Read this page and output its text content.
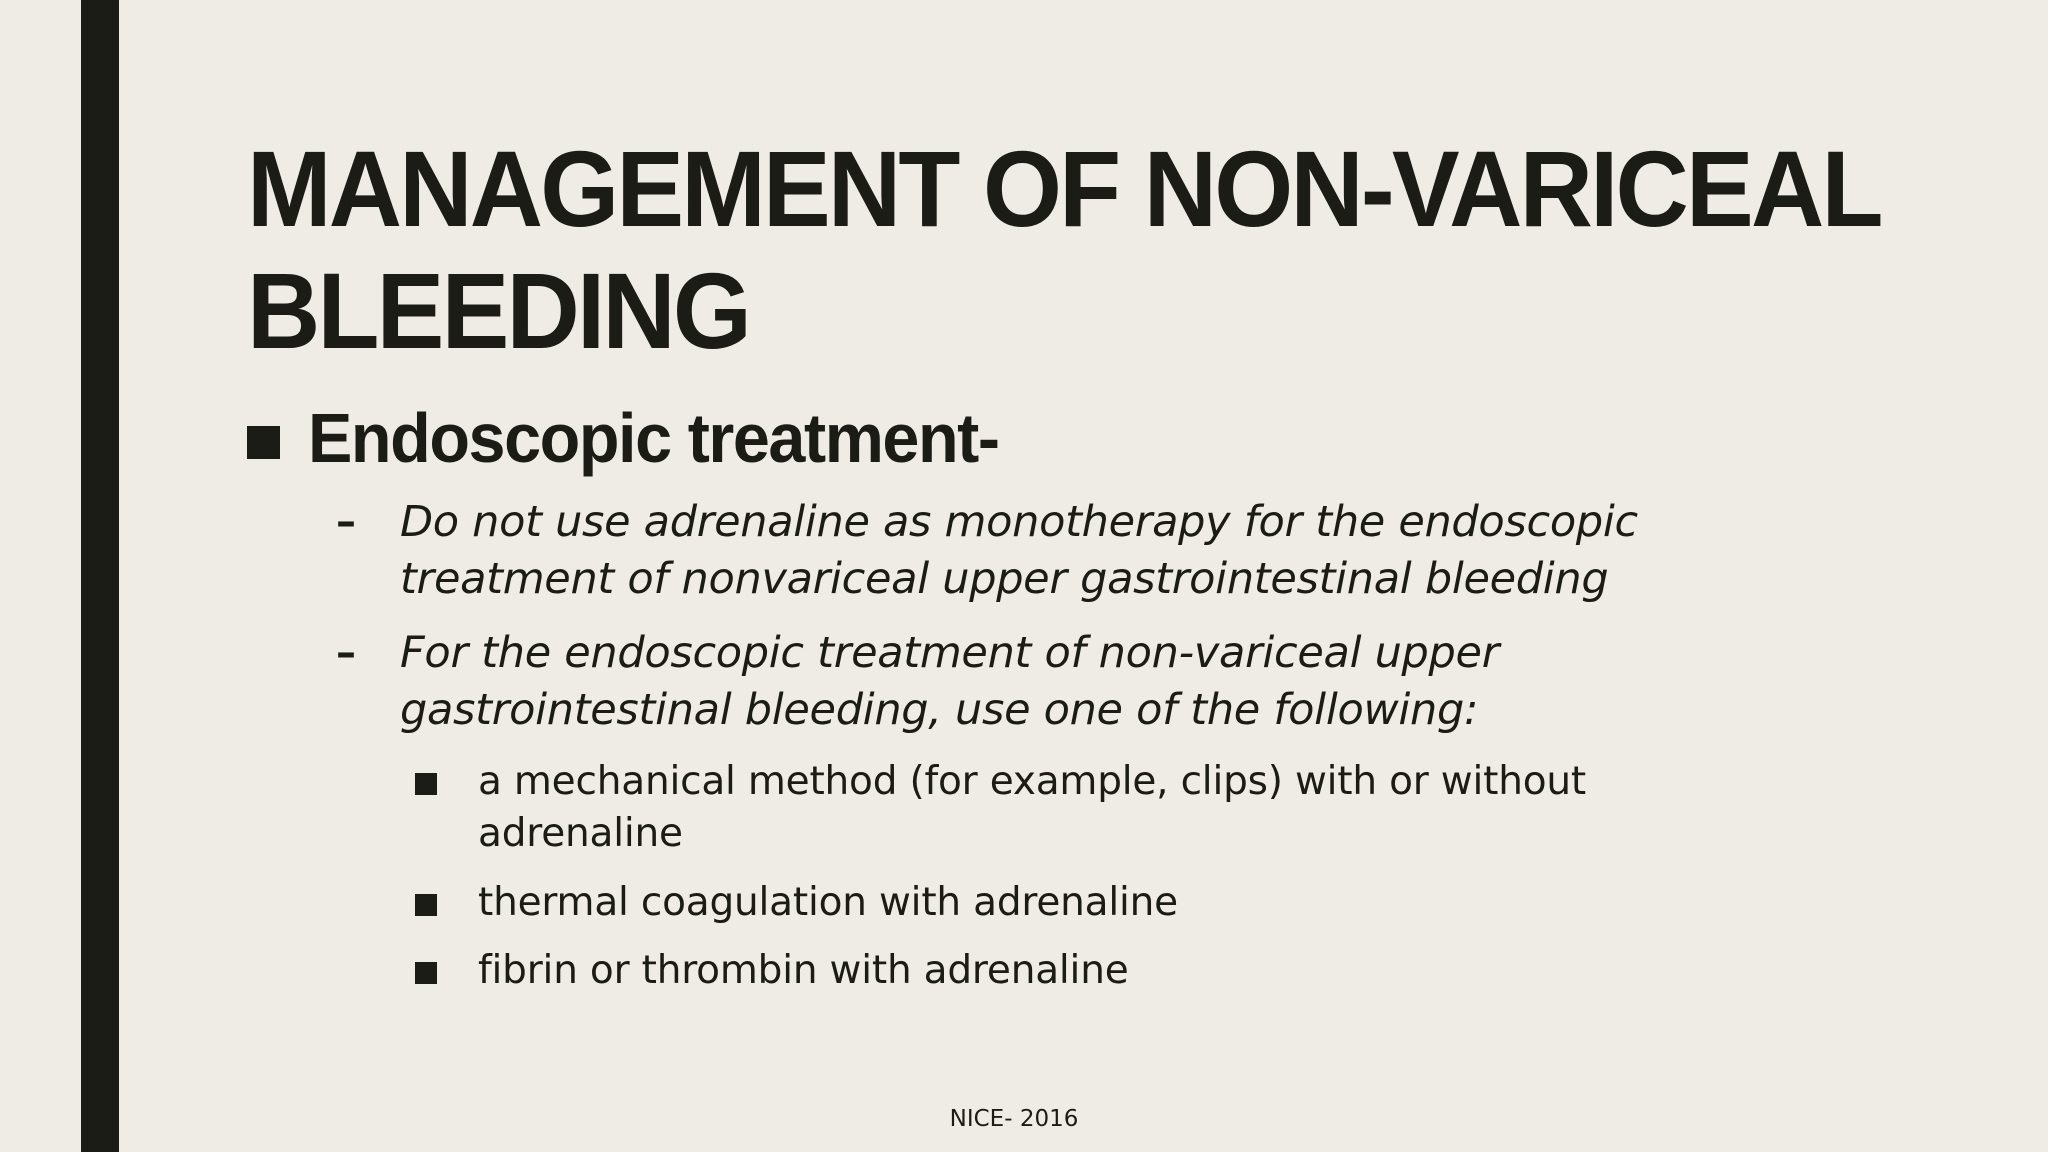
MANAGEMENT OF NON-VARICEAL
BLEEDING
Endoscopic treatment-
–	Do not use adrenaline as monotherapy for the endoscopic
treatment of nonvariceal upper gastrointestinal bleeding
–	For the endoscopic treatment of non-variceal upper
gastrointestinal bleeding, use one of the following:
a mechanical method (for example, clips) with or without
adrenaline
thermal coagulation with adrenaline
fibrin or thrombin with adrenaline
NICE- 2016
